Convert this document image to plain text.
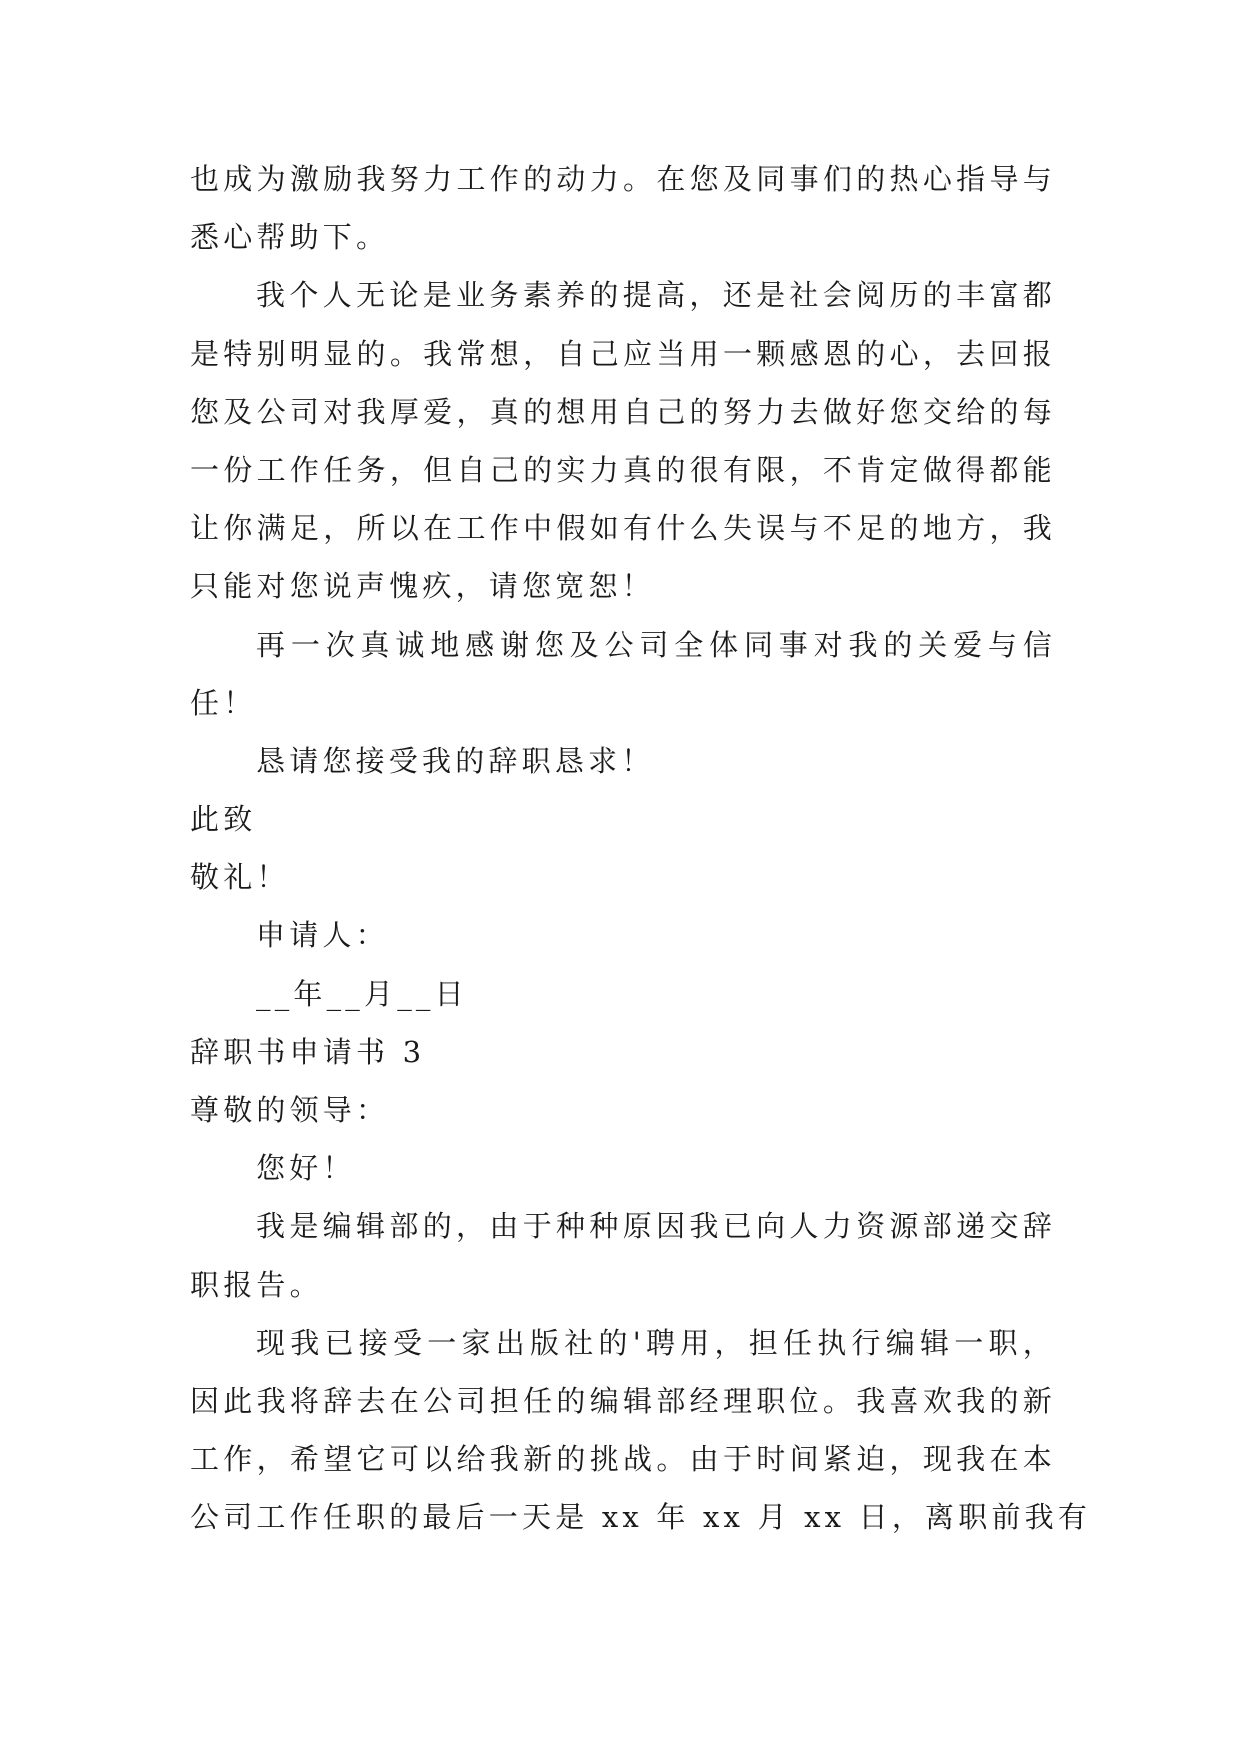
也成为激励我努力工作的动力。在您及同事们的热心指导与
悉心帮助下。
我个人无论是业务素养的提高，还是社会阅历的丰富都
是特别明显的。我常想，自己应当用一颗感恩的心，去回报
您及公司对我厚爱，真的想用自己的努力去做好您交给的每
一份工作任务，但自己的实力真的很有限，不肯定做得都能
让你满足，所以在工作中假如有什么失误与不足的地方，我
只能对您说声愧疚，请您宽恕！
再一次真诚地感谢您及公司全体同事对我的关爱与信
任！
恳请您接受我的辞职恳求！
此致
敬礼！
申请人：
__年__月__日
辞职书申请书 3
尊敬的领导：
您好！
我是编辑部的，由于种种原因我已向人力资源部递交辞
职报告。
现我已接受一家出版社的'聘用，担任执行编辑一职，
因此我将辞去在公司担任的编辑部经理职位。我喜欢我的新
工作，希望它可以给我新的挑战。由于时间紧迫，现我在本
公司工作任职的最后一天是 xx 年 xx 月 xx 日，离职前我有
